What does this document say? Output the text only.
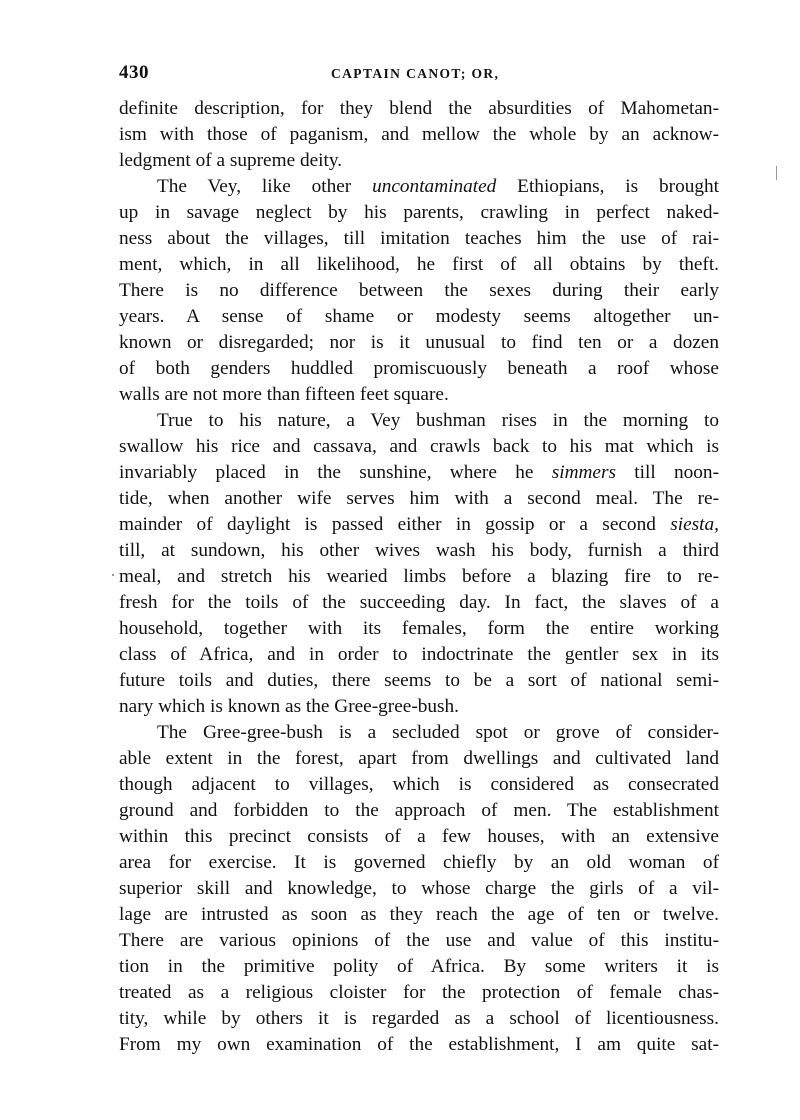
430	CAPTAIN CANOT; OR,
definite description, for they blend the absurdities of Mahometan-
ism with those of paganism, and mellow the whole by an acknow-
ledgment of a supreme deity.
The Vey, like other uncontaminated Ethiopians, is brought
up in savage neglect by his parents, crawling in perfect naked-
ness about the villages, till imitation teaches him the use of rai-
ment, which, in all likelihood, he first of all obtains by theft.
There is no difference between the sexes during their early
years. A sense of shame or modesty seems altogether un-
known or disregarded; nor is it unusual to find ten or a dozen
of both genders huddled promiscuously beneath a roof whose
walls are not more than fifteen feet square.
True to his nature, a Vey bushman rises in the morning to
swallow his rice and cassava, and crawls back to his mat which is
invariably placed in the sunshine, where he simmers till noon-
tide, when another wife serves him with a second meal. The re-
mainder of daylight is passed either in gossip or a second siesta,
till, at sundown, his other wives wash his body, furnish a third
meal, and stretch his wearied limbs before a blazing fire to re-
fresh for the toils of the succeeding day. In fact, the slaves of a
household, together with its females, form the entire working
class of Africa, and in order to indoctrinate the gentler sex in its
future toils and duties, there seems to be a sort of national semi-
nary which is known as the Gree-gree-bush.
The Gree-gree-bush is a secluded spot or grove of consider-
able extent in the forest, apart from dwellings and cultivated land
though adjacent to villages, which is considered as consecrated
ground and forbidden to the approach of men. The establishment
within this precinct consists of a few houses, with an extensive
area for exercise. It is governed chiefly by an old woman of
superior skill and knowledge, to whose charge the girls of a vil-
lage are intrusted as soon as they reach the age of ten or twelve.
There are various opinions of the use and value of this institu-
tion in the primitive polity of Africa. By some writers it is
treated as a religious cloister for the protection of female chas-
tity, while by others it is regarded as a school of licentiousness.
From my own examination of the establishment, I am quite sat-
